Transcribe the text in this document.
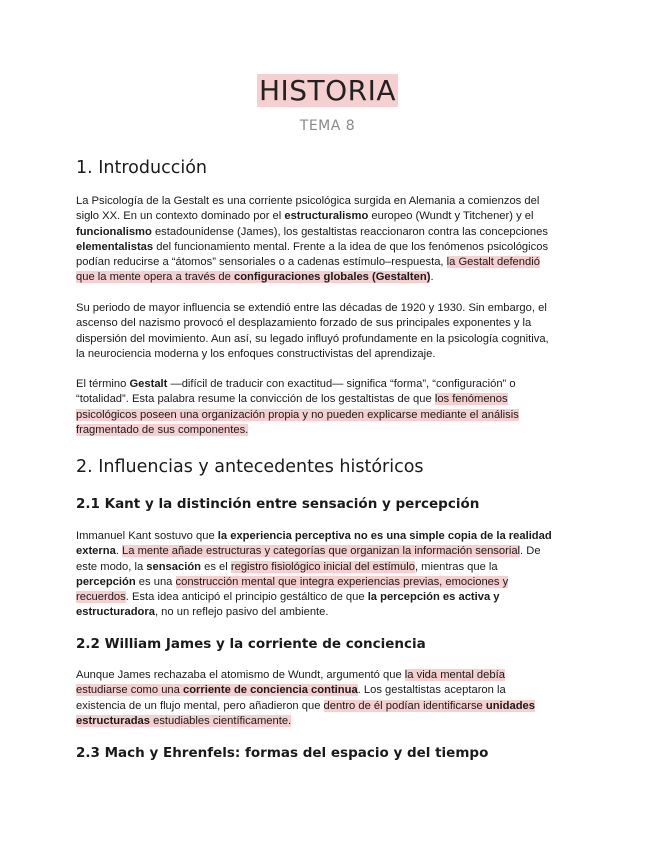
HISTORIA
TEMA 8
1. Introducción
La Psicología de la Gestalt es una corriente psicológica surgida en Alemania a comienzos del
siglo XX. En un contexto dominado por el estructuralismo europeo (Wundt y Titchener) y el
funcionalismo estadounidense (James), los gestaltistas reaccionaron contra las concepciones
elementalistas del funcionamiento mental. Frente a la idea de que los fenómenos psicológicos
podían reducirse a “átomos” sensoriales o a cadenas estímulo–respuesta, la Gestalt defendió
que la mente opera a través de configuraciones globales (Gestalten).
Su periodo de mayor influencia se extendió entre las décadas de 1920 y 1930. Sin embargo, el
ascenso del nazismo provocó el desplazamiento forzado de sus principales exponentes y la
dispersión del movimiento. Aun así, su legado influyó profundamente en la psicología cognitiva,
la neurociencia moderna y los enfoques constructivistas del aprendizaje.
El término Gestalt —difícil de traducir con exactitud— significa “forma”, “configuración” o
“totalidad”. Esta palabra resume la convicción de los gestaltistas de que los fenómenos
psicológicos poseen una organización propia y no pueden explicarse mediante el análisis
fragmentado de sus componentes.
2. Influencias y antecedentes históricos
2.1 Kant y la distinción entre sensación y percepción
Immanuel Kant sostuvo que la experiencia perceptiva no es una simple copia de la realidad
externa. La mente añade estructuras y categorías que organizan la información sensorial. De
este modo, la sensación es el registro fisiológico inicial del estímulo, mientras que la
percepción es una construcción mental que integra experiencias previas, emociones y
recuerdos. Esta idea anticipó el principio gestáltico de que la percepción es activa y
estructuradora, no un reflejo pasivo del ambiente.
2.2 William James y la corriente de conciencia
Aunque James rechazaba el atomismo de Wundt, argumentó que la vida mental debía
estudiarse como una corriente de conciencia continua. Los gestaltistas aceptaron la
existencia de un flujo mental, pero añadieron que dentro de él podían identificarse unidades
estructuradas estudiables científicamente.
2.3 Mach y Ehrenfels: formas del espacio y del tiempo
